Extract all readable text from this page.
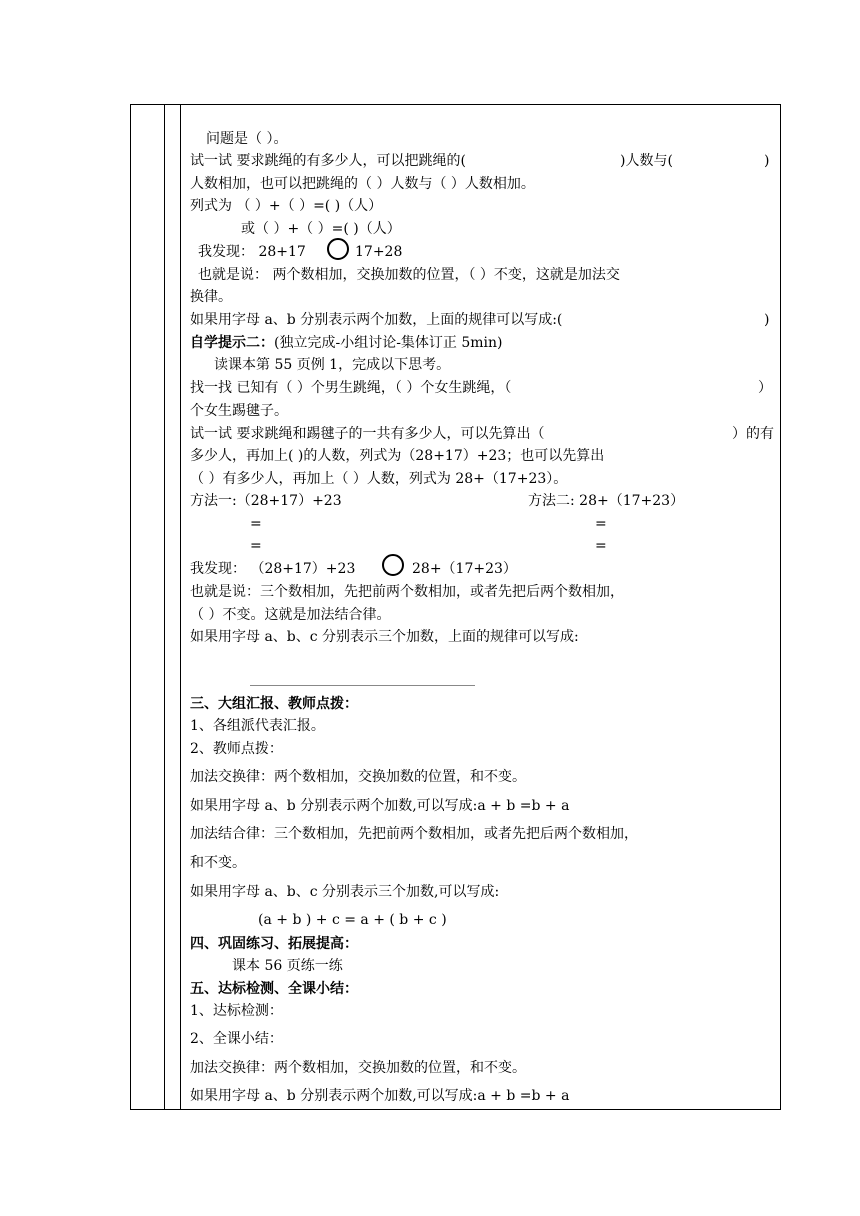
问题是（ ）。
试一试 要求跳绳的有多少人，可以把跳绳的(	)人数与(	)
人数相加，也可以把跳绳的（ ）人数与（ ）人数相加。
列式为 （ ）+（ ）=( )（人）
或（ ）+（ ）=( )（人）
我发现： 28+17	17+28
也就是说： 两个数相加，交换加数的位置，（ ）不变，这就是加法交
换律。
如果用字母 a、b 分别表示两个加数，上面的规律可以写成:(	)
自学提示二：(独立完成-小组讨论-集体订正 5min)
读课本第 55 页例 1，完成以下思考。
找一找 已知有（ ）个男生跳绳，（ ）个女生跳绳，（	）
个女生踢毽子。
试一试 要求跳绳和踢毽子的一共有多少人，可以先算出（	）的有
多少人，再加上( )的人数，列式为（28+17）+23；也可以先算出
（ ）有多少人，再加上（ ）人数，列式为 28+（17+23）。
方法一:（28+17）+23	方法二: 28+（17+23）
=	=
=	=
我发现： （28+17）+23	28+（17+23）
也就是说：三个数相加，先把前两个数相加，或者先把后两个数相加，
（ ）不变。这就是加法结合律。
如果用字母 a、b、c 分别表示三个加数，上面的规律可以写成:
三、大组汇报、教师点拨：
1、各组派代表汇报。
2、教师点拨：
加法交换律：两个数相加，交换加数的位置，和不变。
如果用字母 a、b 分别表示两个加数,可以写成:a + b =b + a
加法结合律：三个数相加，先把前两个数相加，或者先把后两个数相加，
和不变。
如果用字母 a、b、c 分别表示三个加数,可以写成:
(a + b ) + c = a + ( b + c )
四、巩固练习、拓展提高：
课本 56 页练一练
五、达标检测、全课小结：
1、达标检测：
2、全课小结：
加法交换律：两个数相加，交换加数的位置，和不变。
如果用字母 a、b 分别表示两个加数,可以写成:a + b =b + a
